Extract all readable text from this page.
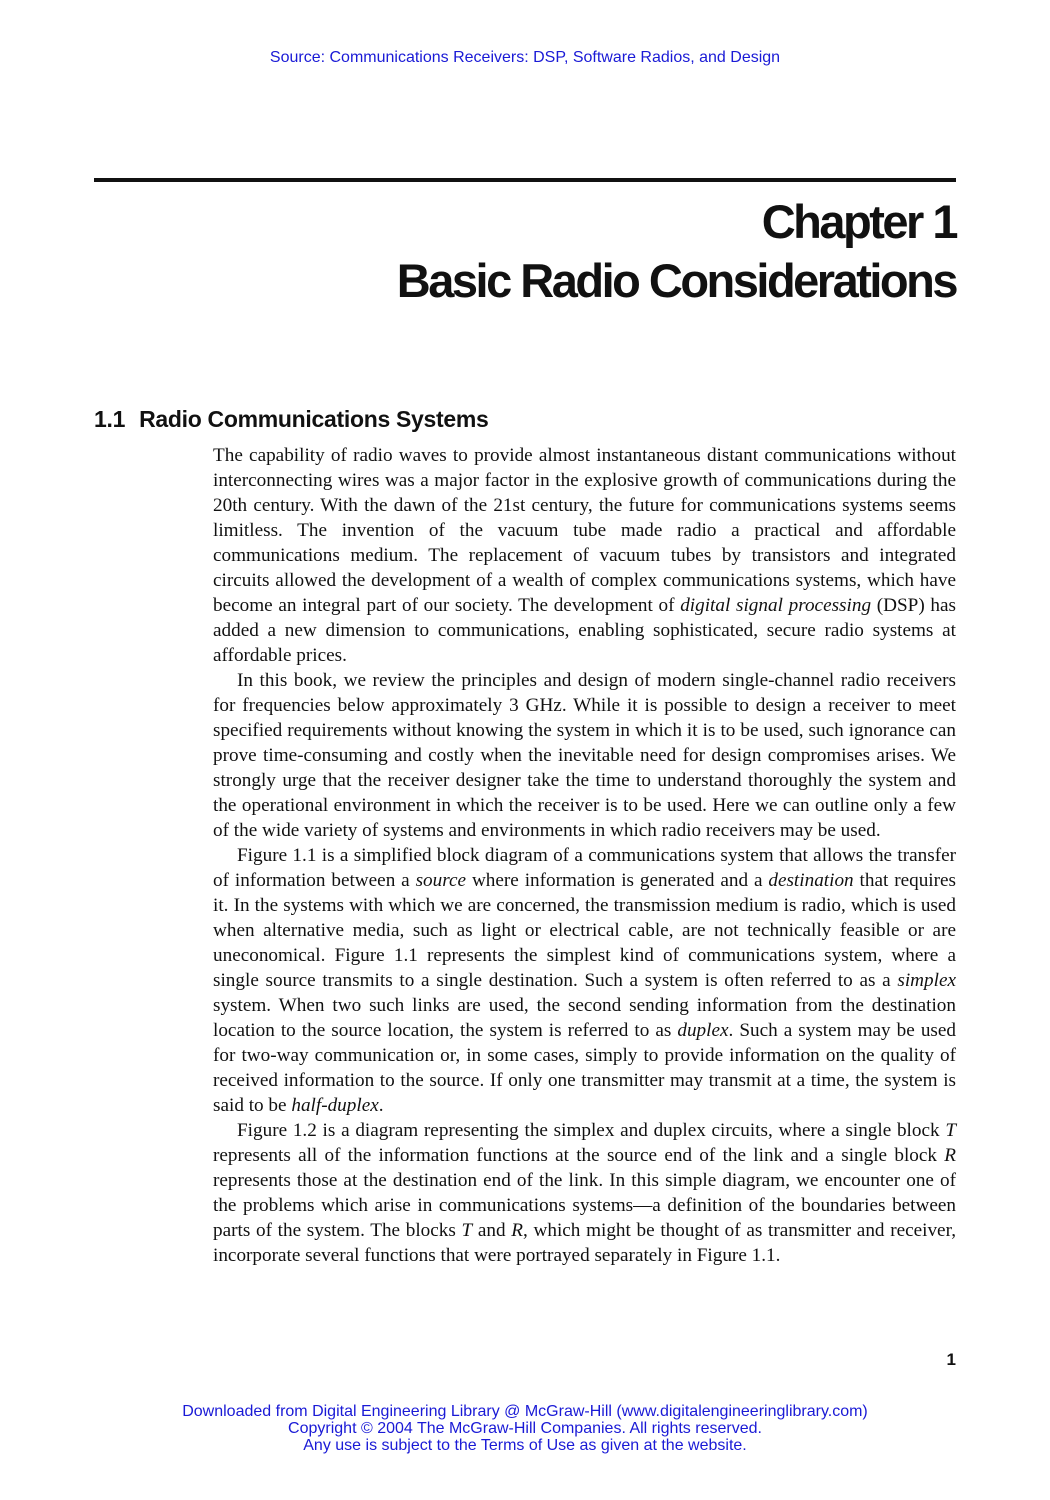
Source: Communications Receivers: DSP, Software Radios, and Design
Chapter 1
Basic Radio Considerations
1.1 Radio Communications Systems

The capability of radio waves to provide almost instantaneous distant communications without interconnecting wires was a major factor in the explosive growth of communications during the 20th century. With the dawn of the 21st century, the future for communications systems seems limitless. The invention of the vacuum tube made radio a practical and affordable communications medium. The replacement of vacuum tubes by transistors and integrated circuits allowed the development of a wealth of complex communications systems, which have become an integral part of our society. The development of digital signal processing (DSP) has added a new dimension to communications, enabling sophisticated, secure radio systems at affordable prices.

In this book, we review the principles and design of modern single-channel radio receivers for frequencies below approximately 3 GHz. While it is possible to design a receiver to meet specified requirements without knowing the system in which it is to be used, such ignorance can prove time-consuming and costly when the inevitable need for design compromises arises. We strongly urge that the receiver designer take the time to understand thoroughly the system and the operational environment in which the receiver is to be used. Here we can outline only a few of the wide variety of systems and environments in which radio receivers may be used.

Figure 1.1 is a simplified block diagram of a communications system that allows the transfer of information between a source where information is generated and a destination that requires it. In the systems with which we are concerned, the transmission medium is radio, which is used when alternative media, such as light or electrical cable, are not technically feasible or are uneconomical. Figure 1.1 represents the simplest kind of communications system, where a single source transmits to a single destination. Such a system is often referred to as a simplex system. When two such links are used, the second sending information from the destination location to the source location, the system is referred to as duplex. Such a system may be used for two-way communication or, in some cases, simply to provide information on the quality of received information to the source. If only one transmitter may transmit at a time, the system is said to be half-duplex.

Figure 1.2 is a diagram representing the simplex and duplex circuits, where a single block T represents all of the information functions at the source end of the link and a single block R represents those at the destination end of the link. In this simple diagram, we encounter one of the problems which arise in communications systems—a definition of the boundaries between parts of the system. The blocks T and R, which might be thought of as transmitter and receiver, incorporate several functions that were portrayed separately in Figure 1.1.

1
Downloaded from Digital Engineering Library @ McGraw-Hill (www.digitalengineeringlibrary.com)
Copyright © 2004 The McGraw-Hill Companies. All rights reserved.
Any use is subject to the Terms of Use as given at the website.
